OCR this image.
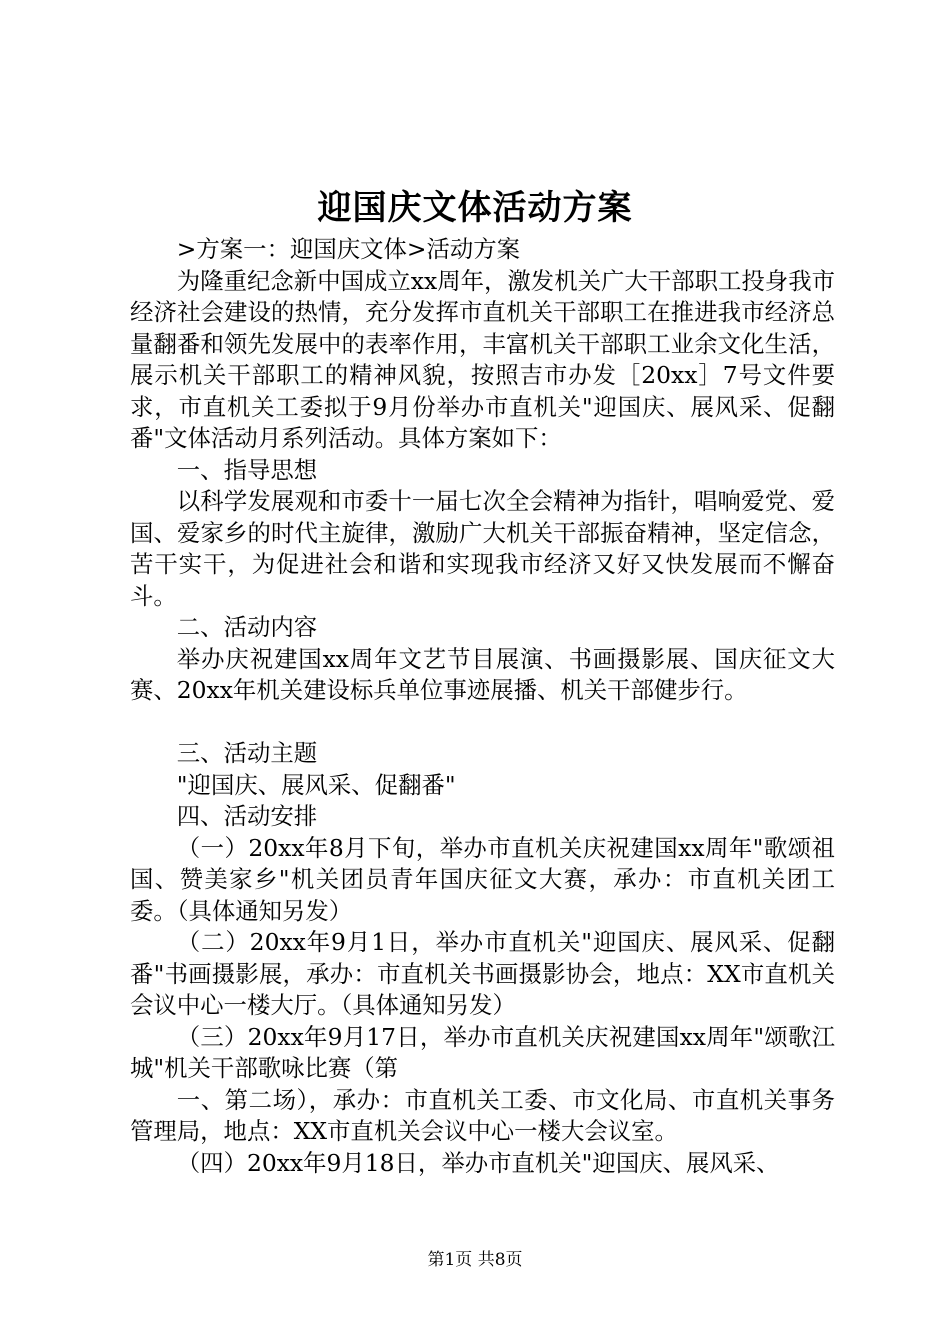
迎国庆文体活动方案

>方案一：迎国庆文体>活动方案

为隆重纪念新中国成立xx周年，激发机关广大干部职工投身我市经济社会建设的热情，充分发挥市直机关干部职工在推进我市经济总量翻番和领先发展中的表率作用，丰富机关干部职工业余文化生活，展示机关干部职工的精神风貌，按照吉市办发［20xx］7号文件要求，市直机关工委拟于9月份举办市直机关"迎国庆、展风采、促翻番"文体活动月系列活动。具体方案如下：

一、指导思想

以科学发展观和市委十一届七次全会精神为指针，唱响爱党、爱国、爱家乡的时代主旋律，激励广大机关干部振奋精神，坚定信念，苦干实干，为促进社会和谐和实现我市经济又好又快发展而不懈奋斗。

二、活动内容

举办庆祝建国xx周年文艺节目展演、书画摄影展、国庆征文大赛、20xx年机关建设标兵单位事迹展播、机关干部健步行。

三、活动主题

"迎国庆、展风采、促翻番"

四、活动安排

（一）20xx年8月下旬，举办市直机关庆祝建国xx周年"歌颂祖国、赞美家乡"机关团员青年国庆征文大赛，承办：市直机关团工委。（具体通知另发）

（二）20xx年9月1日，举办市直机关"迎国庆、展风采、促翻番"书画摄影展，承办：市直机关书画摄影协会，地点：XX市直机关会议中心一楼大厅。（具体通知另发）

（三）20xx年9月17日，举办市直机关庆祝建国xx周年"颂歌江城"机关干部歌咏比赛（第

一、第二场），承办：市直机关工委、市文化局、市直机关事务管理局，地点：XX市直机关会议中心一楼大会议室。

（四）20xx年9月18日，举办市直机关"迎国庆、展风采、

第1页 共8页
